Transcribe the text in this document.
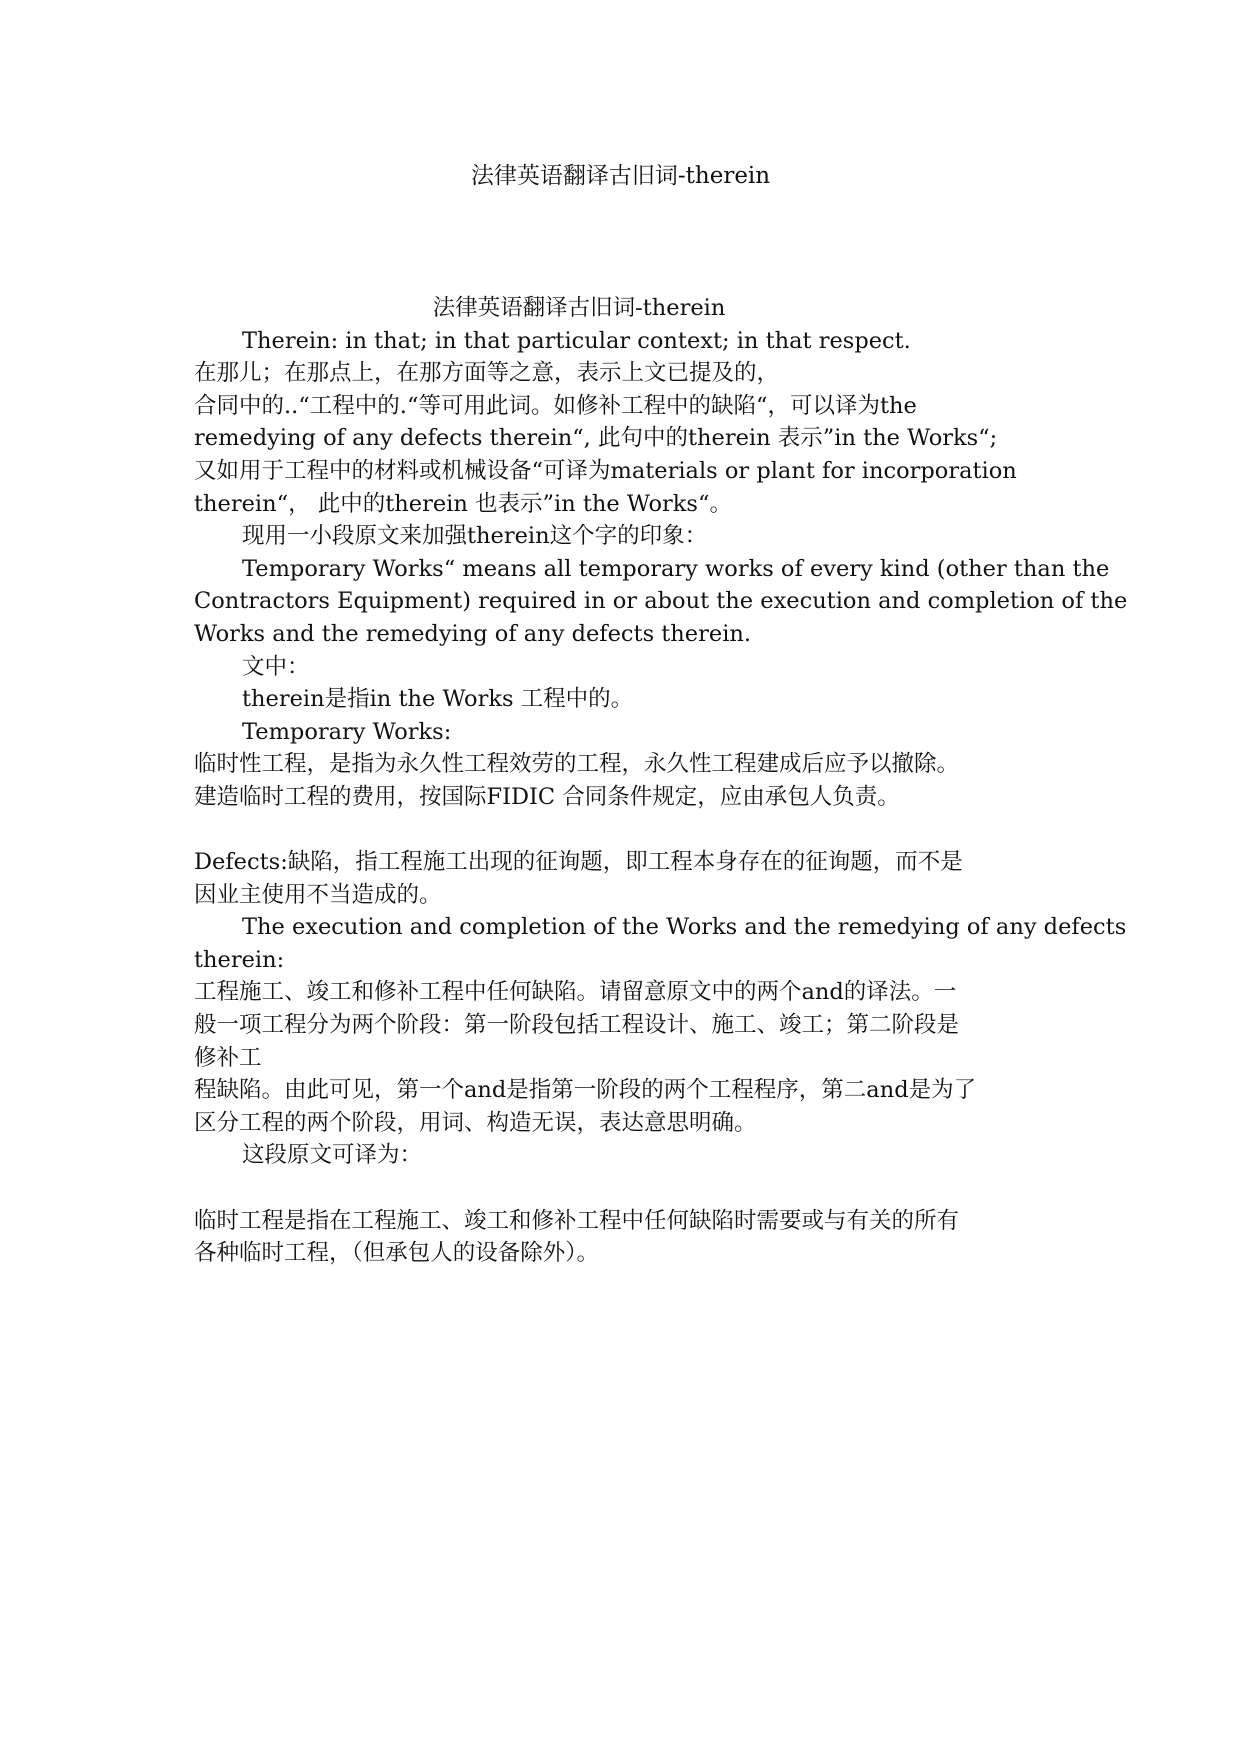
法律英语翻译古旧词-therein
法律英语翻译古旧词-therein
Therein: in that; in that particular context; in that respect.
在那儿；在那点上，在那方面等之意，表示上文已提及的，
合同中的..“工程中的.“等可用此词。如修补工程中的缺陷“，可以译为the
remedying of any defects therein“, 此句中的therein 表示”in the Works“;
又如用于工程中的材料或机械设备“可译为materials or plant for incorporation
therein“， 此中的therein 也表示”in the Works“。
现用一小段原文来加强therein这个字的印象：
Temporary Works“ means all temporary works of every kind (other than the
Contractors Equipment) required in or about the execution and completion of the
Works and the remedying of any defects therein.
文中：
therein是指in the Works 工程中的。
Temporary Works:
临时性工程，是指为永久性工程效劳的工程，永久性工程建成后应予以撤除。
建造临时工程的费用，按国际FIDIC 合同条件规定，应由承包人负责。
Defects:缺陷，指工程施工出现的征询题，即工程本身存在的征询题，而不是
因业主使用不当造成的。
The execution and completion of the Works and the remedying of any defects
therein:
工程施工、竣工和修补工程中任何缺陷。请留意原文中的两个and的译法。一
般一项工程分为两个阶段：第一阶段包括工程设计、施工、竣工；第二阶段是
修补工
程缺陷。由此可见，第一个and是指第一阶段的两个工程程序，第二and是为了
区分工程的两个阶段，用词、构造无误，表达意思明确。
这段原文可译为：
临时工程是指在工程施工、竣工和修补工程中任何缺陷时需要或与有关的所有
各种临时工程，（但承包人的设备除外）。
